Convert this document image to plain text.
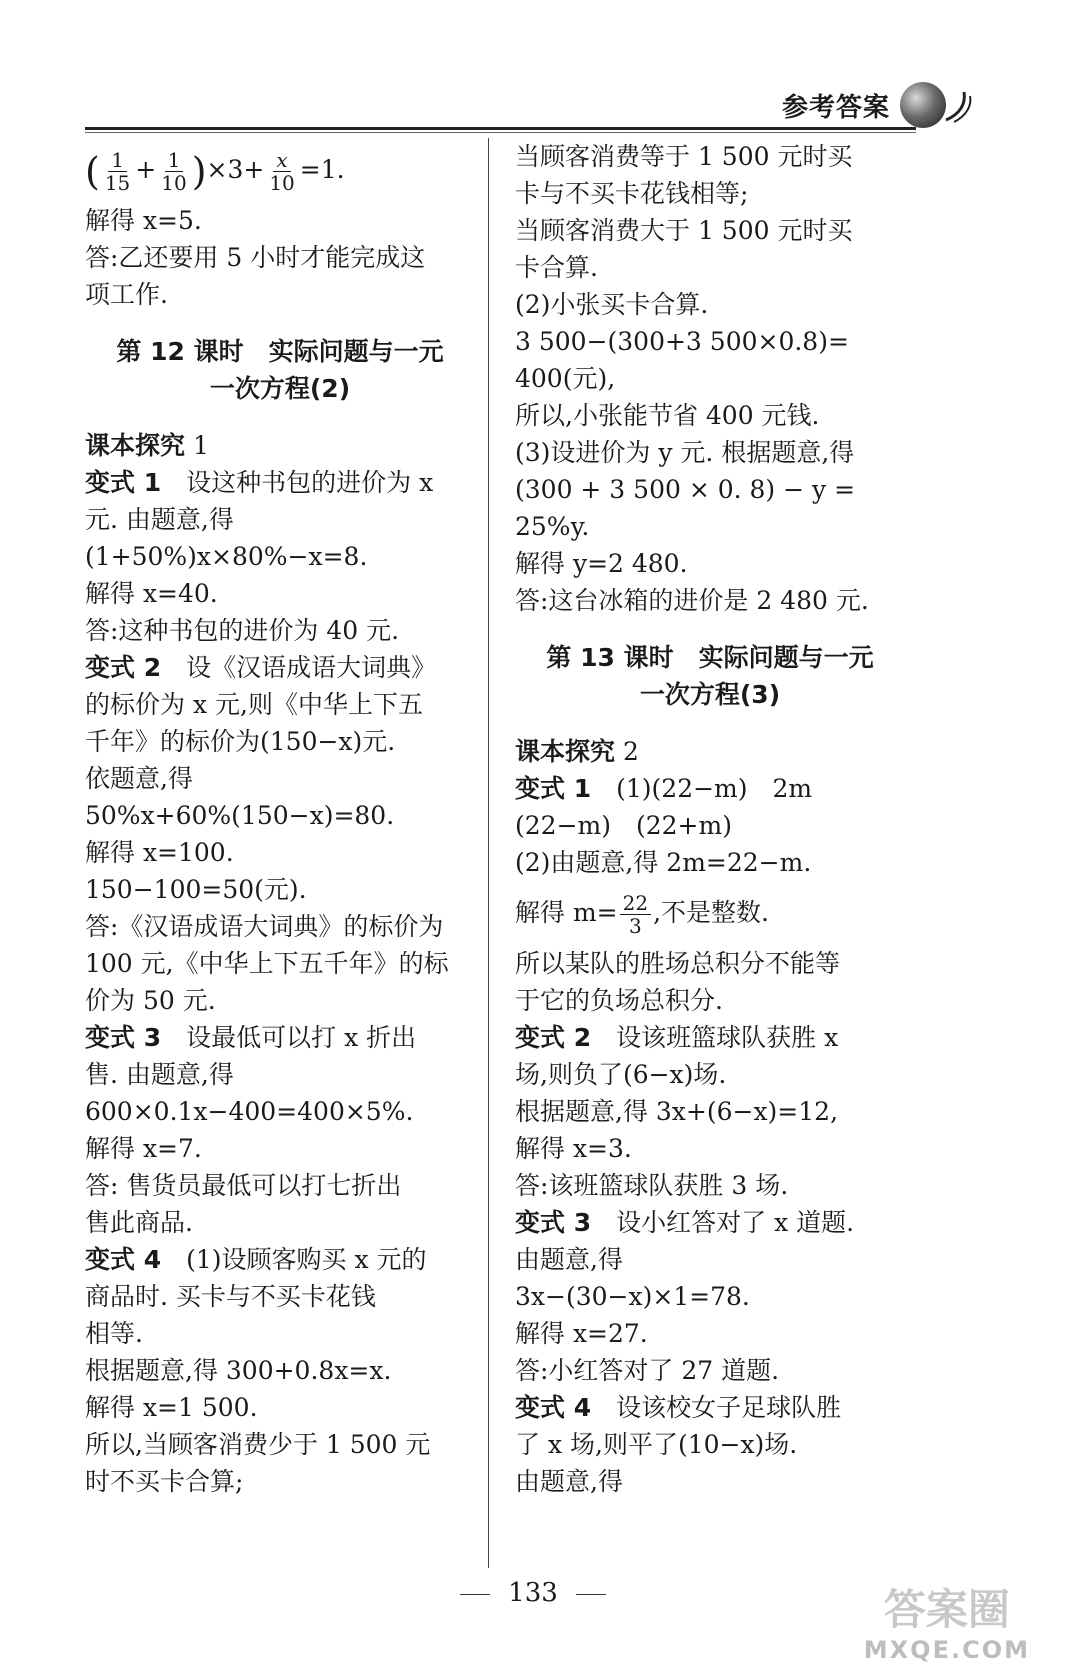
参考答案
( $\frac{1}{15} + \frac{1}{10} )\times 3+ \frac{x}{10} =1$.
解得 x=5.
答:乙还要用 5 小时才能完成这
项工作.
第 12 课时　实际问题与一元
一次方程(2)
课本探究 1
变式 1　 设这种书包的进价为 x
元. 由题意,得
(1+50%)x×80%−x=8.
解得 x=40.
答:这种书包的进价为 40 元.
变式 2　 设《汉语成语大词典》
的标价为 x 元,则《中华上下五
千年》的标价为(150−x)元.
依题意,得
50%x+60%(150−x)=80.
解得 x=100.
150−100=50(元).
答:《汉语成语大词典》的标价为
100 元,《中华上下五千年》的标
价为 50 元.
变式 3　 设最低可以打 x 折出
售. 由题意,得
600×0.1x−400=400×5%.
解得 x=7.
答: 售货员最低可以打七折出
售此商品.
变式 4　 (1)设顾客购买 x 元的
商品时. 买卡与不买卡花钱
相等.
根据题意,得 300+0.8x=x.
解得 x=1 500.
所以,当顾客消费少于 1 500 元
时不买卡合算;
当顾客消费等于 1 500 元时买
卡与不买卡花钱相等;
当顾客消费大于 1 500 元时买
卡合算.
(2)小张买卡合算.
3 500−(300+3 500×0.8)=
400(元),
所以,小张能节省 400 元钱.
(3)设进价为 y 元. 根据题意,得
(300 + 3 500 × 0. 8) − y =
25%y.
解得 y=2 480.
答:这台冰箱的进价是 2 480 元.
第 13 课时　实际问题与一元
一次方程(3)
课本探究 2
变式 1　 (1)(22−m)　2m
(22−m)　(22+m)
(2)由题意,得 2m=22−m.
解得 $m= \frac{22}{3}$ ,不是整数.
所以某队的胜场总积分不能等
于它的负场总积分.
变式 2　 设该班篮球队获胜 x
场,则负了(6−x)场.
根据题意,得 3x+(6−x)=12,
解得 x=3.
答:该班篮球队获胜 3 场.
变式 3　 设小红答对了 x 道题.
由题意,得
3x−(30−x)×1=78.
解得 x=27.
答:小红答对了 27 道题.
变式 4　 设该校女子足球队胜
了 x 场,则平了(10−x)场.
由题意,得
133	答案圈
MXQE.COM
